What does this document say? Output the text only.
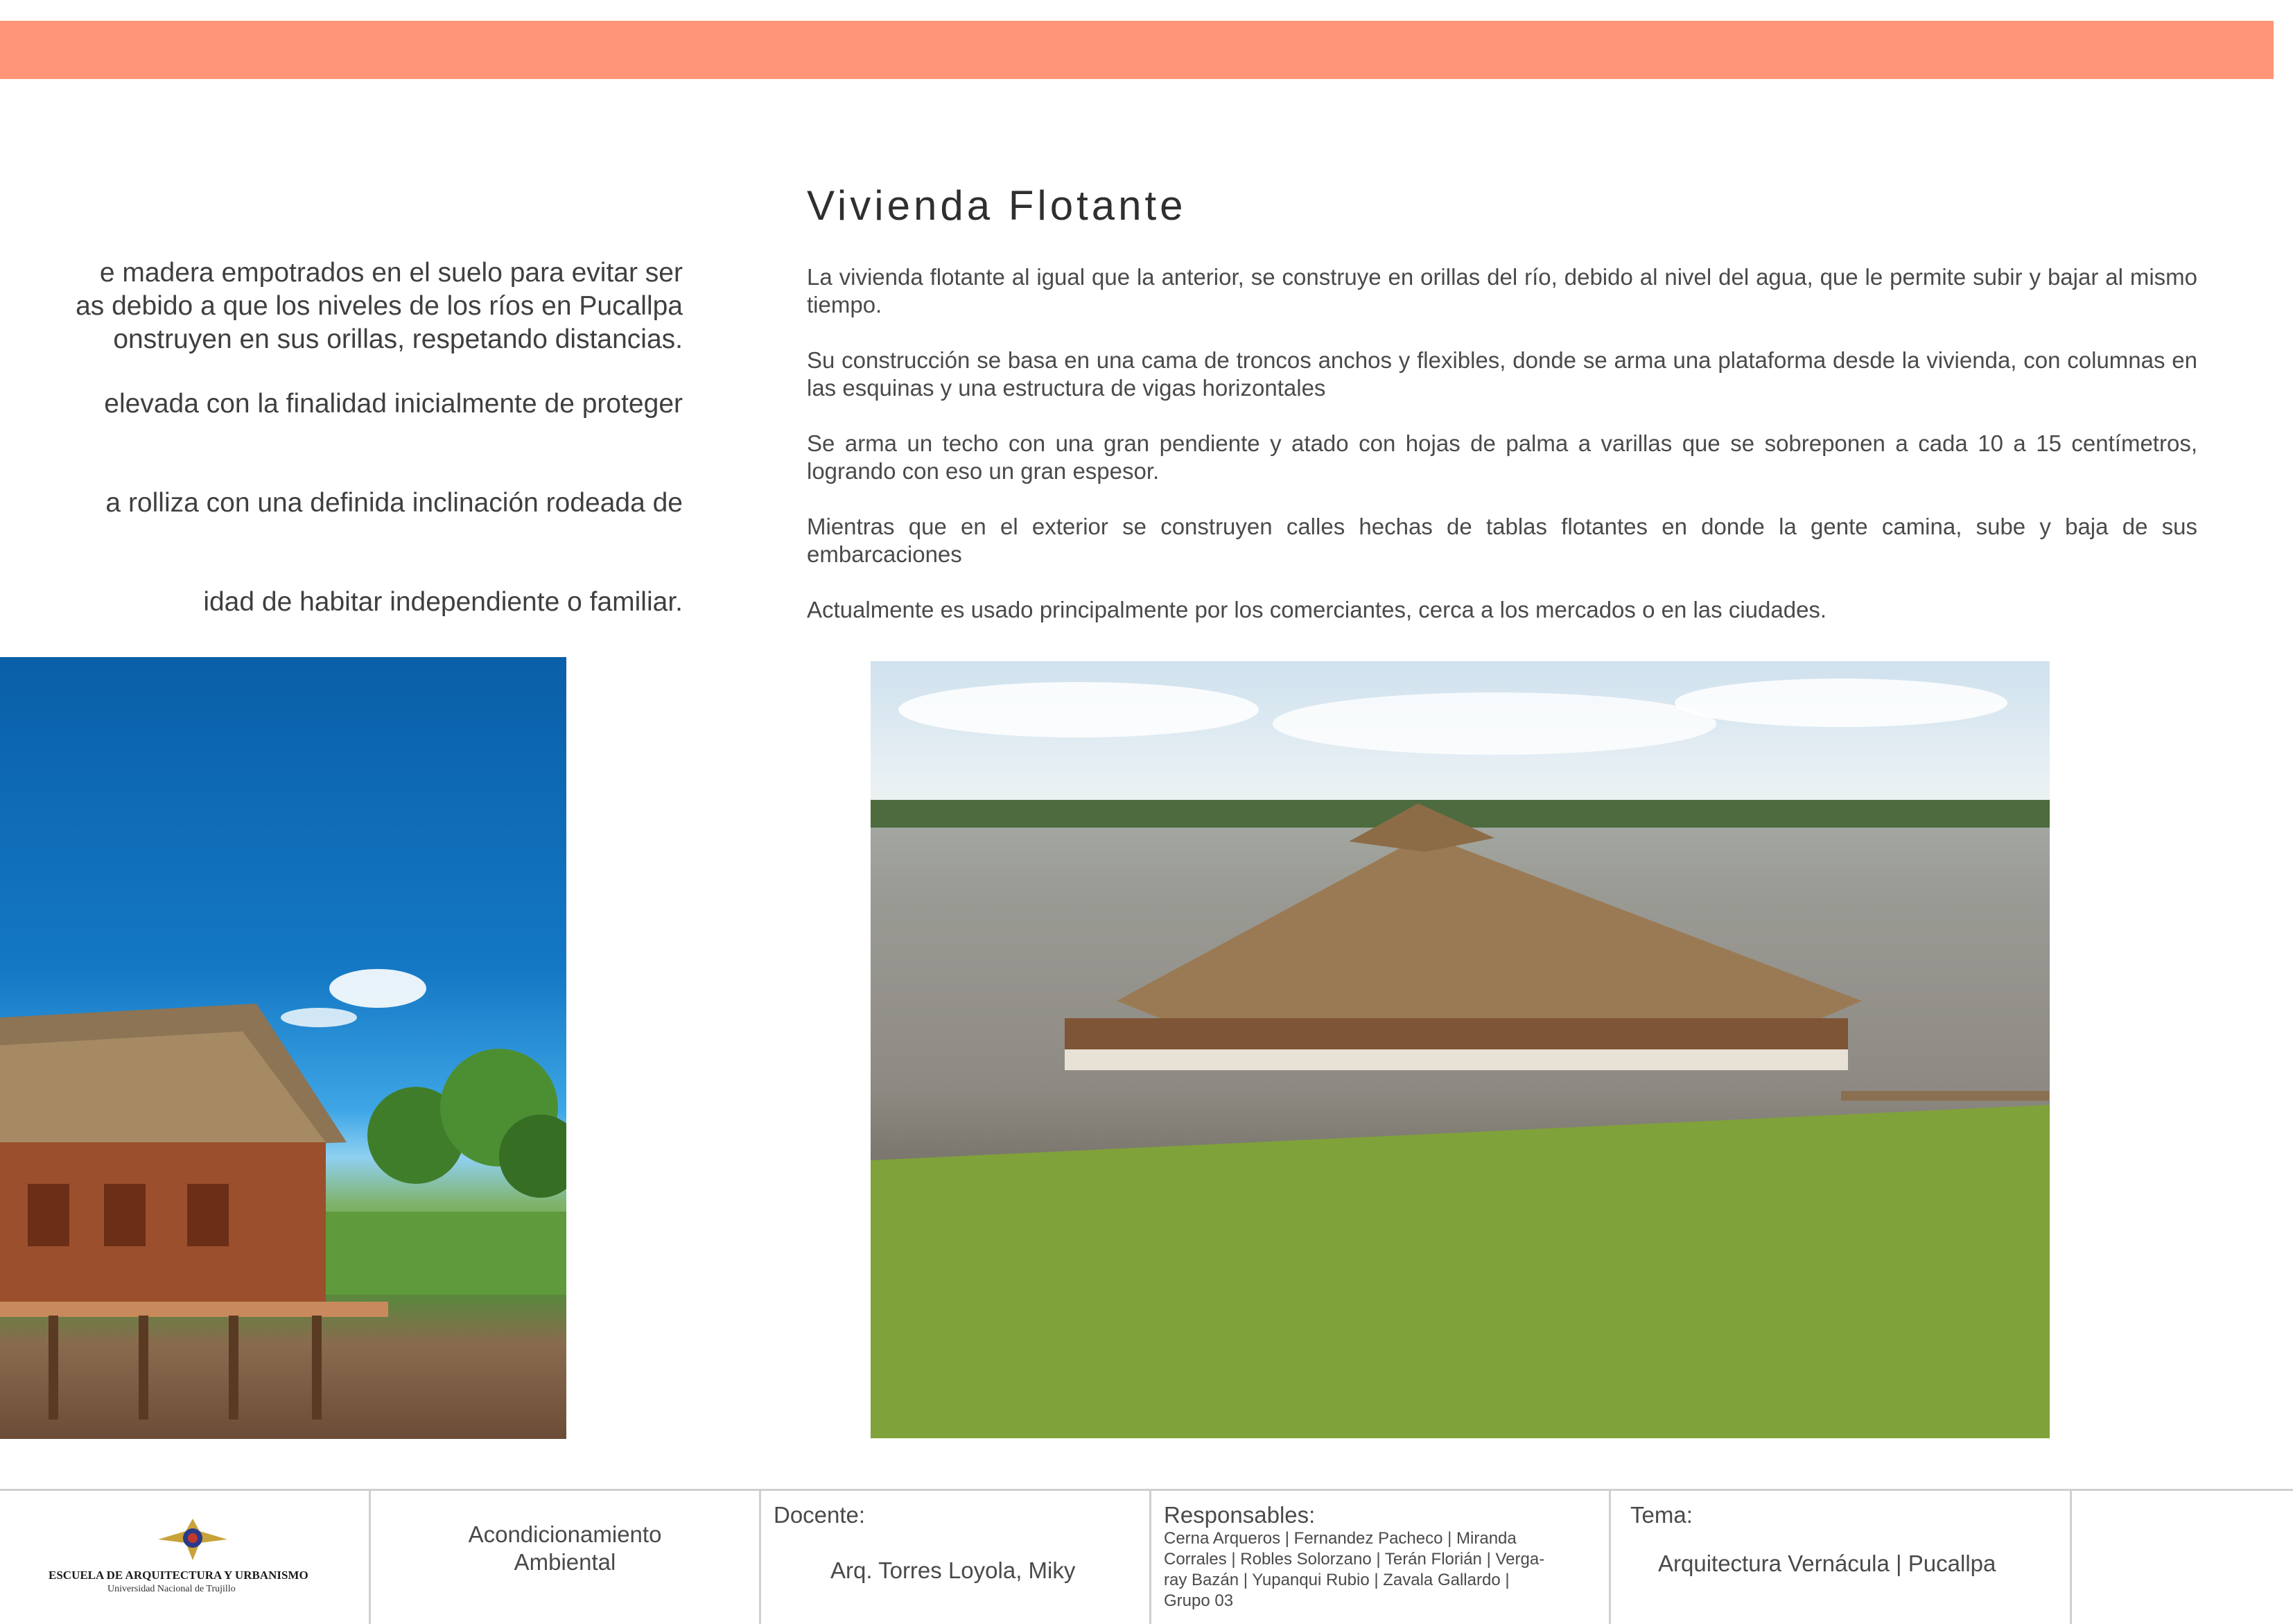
e madera empotrados en el suelo para evitar ser

as debido a que los niveles de los ríos en Pucallpa

onstruyen en sus orillas, respetando distancias.

elevada con la finalidad inicialmente de proteger

a rolliza con una definida inclinación rodeada de

idad de habitar independiente o familiar.

Vivienda Flotante

La vivienda flotante al igual que la anterior, se construye en orillas del río, debido al nivel del agua, que le permite subir y bajar al mismo tiempo.

Su construcción se basa en una cama de troncos anchos y flexibles, donde se arma una plataforma desde la vivienda, con columnas en las esquinas y una estructura de vigas horizontales

Se arma un techo con una gran pendiente y atado con hojas de palma a varillas que se sobreponen a cada 10 a 15 centímetros, logrando con eso un gran espesor.

Mientras que en el exterior se construyen calles hechas de tablas flotantes en donde la gente camina, sube y baja de sus embarcaciones

Actualmente es usado principalmente por los comerciantes, cerca a los mercados o en las ciudades.

ESCUELA DE ARQUITECTURA Y URBANISMO
Universidad Nacional de Trujillo
Acondicionamiento
Ambiental
Docente:
Arq. Torres Loyola, Miky
Responsables:
Cerna Arqueros | Fernandez Pacheco | Miranda
Corrales | Robles Solorzano | Terán Florián | Verga-
ray Bazán | Yupanqui Rubio | Zavala Gallardo |
Grupo 03
Tema:
Arquitectura Vernácula | Pucallpa
